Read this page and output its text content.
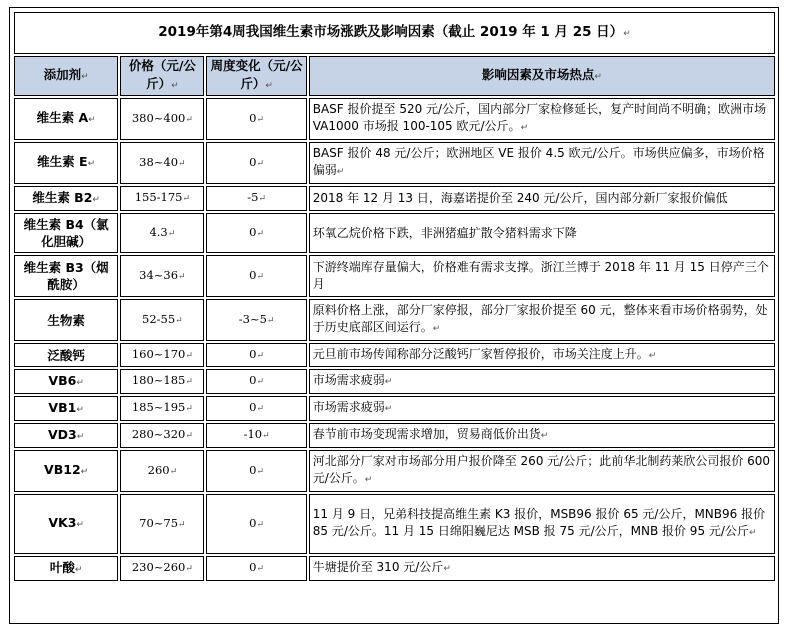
2019年第4周我国维生素市场涨跌及影响因素（截止 2019 年 1 月 25 日）↵			
添加剂↵	价格（元/公斤）↵	周度变化（元/公斤）↵	影响因素及市场热点↵
维生素 A↵	380~400↵	0↵	BASF 报价提至 520 元/公斤，国内部分厂家检修延长，复产时间尚不明确；欧洲市场 VA1000 市场报 100-105 欧元/公斤。↵
维生素 E↵	38~40↵	0↵	BASF 报价 48 元/公斤；欧洲地区 VE 报价 4.5 欧元/公斤。市场供应偏多，市场价格偏弱↵
维生素 B2↵	155-175↵	-5↵	2018 年 12 月 13 日，海嘉诺提价至 240 元/公斤，国内部分新厂家报价偏低
维生素 B4（氯化胆碱）	4.3↵	0↵	环氧乙烷价格下跌，非洲猪瘟扩散令猪料需求下降
维生素 B3（烟酰胺）	34~36↵	0↵	下游终端库存量偏大，价格难有需求支撑。浙江兰博于 2018 年 11 月 15 日停产三个月
生物素	52-55↵	-3~5↵	原料价格上涨，部分厂家停报，部分厂家报价提至 60 元，整体来看市场价格弱势，处于历史底部区间运行。↵
泛酸钙	160~170↵	0↵	元旦前市场传闻称部分泛酸钙厂家暂停报价，市场关注度上升。↵
VB6↵	180~185↵	0↵	市场需求疲弱↵
VB1↵	185~195↵	0↵	市场需求疲弱↵
VD3↵	280~320↵	-10↵	春节前市场变现需求增加，贸易商低价出货↵
VB12↵	260↵	0↵	河北部分厂家对市场部分用户报价降至 260 元/公斤；此前华北制药莱欣公司报价 600 元/公斤。↵
VK3↵	70~75↵	0↵	11 月 9 日，兄弟科技提高维生素 K3 报价，MSB96 报价 65 元/公斤，MNB96 报价 85 元/公斤。11 月 15 日绵阳巍尼达 MSB 报 75 元/公斤，MNB 报价 95 元/公斤↵
叶酸↵	230~260↵	0↵	牛塘提价至 310 元/公斤↵
